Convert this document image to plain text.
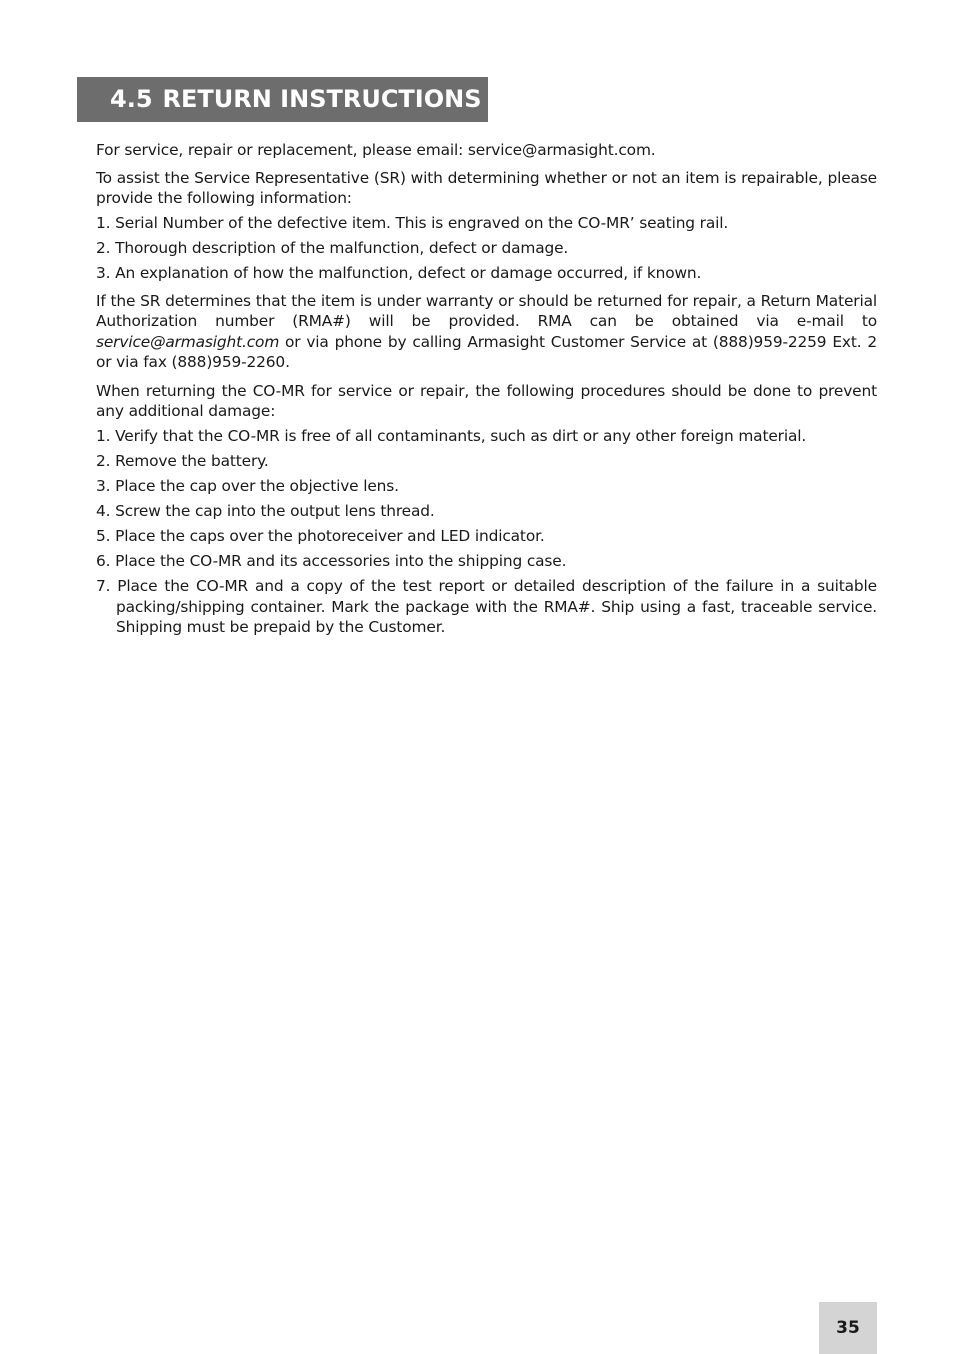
4.5 RETURN INSTRUCTIONS

For service, repair or replacement, please email: service@armasight.com.

To assist the Service Representative (SR) with determining whether or not an item is repairable, please provide the following information:

1. Serial Number of the defective item. This is engraved on the CO-MR’ seating rail.

2. Thorough description of the malfunction, defect or damage.

3. An explanation of how the malfunction, defect or damage occurred, if known.

If the SR determines that the item is under warranty or should be returned for repair, a Return Material Authorization number (RMA#) will be provided. RMA can be obtained via e-mail to service@armasight.com or via phone by calling Armasight Customer Service at (888)959-2259 Ext. 2 or via fax (888)959-2260.

When returning the CO-MR for service or repair, the following procedures should be done to prevent any additional damage:

1. Verify that the CO-MR is free of all contaminants, such as dirt or any other foreign material.

2. Remove the battery.

3. Place the cap over the objective lens.

4. Screw the cap into the output lens thread.

5. Place the caps over the photoreceiver and LED indicator.

6. Place the CO-MR and its accessories into the shipping case.

7. Place the CO-MR and a copy of the test report or detailed description of the failure in a suitable packing/shipping container. Mark the package with the RMA#. Ship using a fast, traceable service. Shipping must be prepaid by the Customer.

35
